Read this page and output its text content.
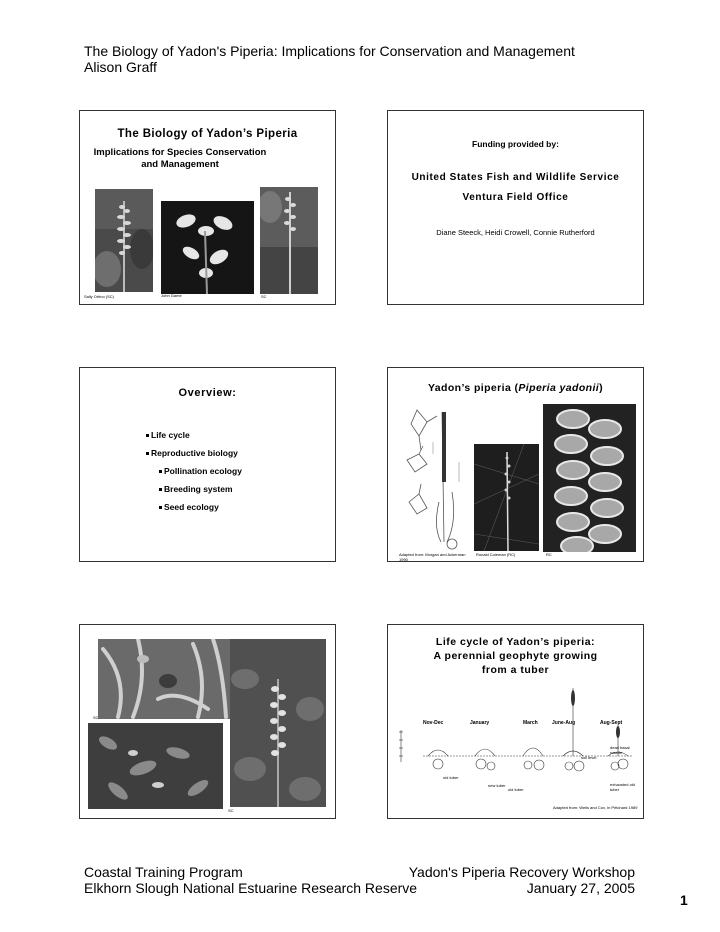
The Biology of Yadon's Piperia: Implications for Conservation and Management
Alison Graff
The Biology of Yadon’s Piperia
Implications for Species Conservation
and Management
Sally Ortino (SC)	John Game	SC
Funding provided by:
United States Fish and Wildlife Service
Ventura Field Office
Diane Steeck, Heidi Crowell, Connie Rutherford
Overview:
Life cycle
Reproductive biology
Pollination ecology
Breeding system
Seed ecology
Yadon’s piperia (Piperia yadonii)
Adapted from: Morgan and Ackerman 1990
Ronald Coleman (RC)	RC
SC
SC
Life cycle of Yadon’s piperia:
A perennial geophyte growing
from a tuber
Nov-Dec	January	March	June-Aug	Aug-Sept
soil level
old tuber
new tuber
old tuber
dead basal rosette
exhausted old tuber
Adapted from: Wells and Cox, in Pritchard 1989
Coastal Training Program
Elkhorn Slough National Estuarine Research Reserve
Yadon's Piperia Recovery Workshop
January 27, 2005
1
